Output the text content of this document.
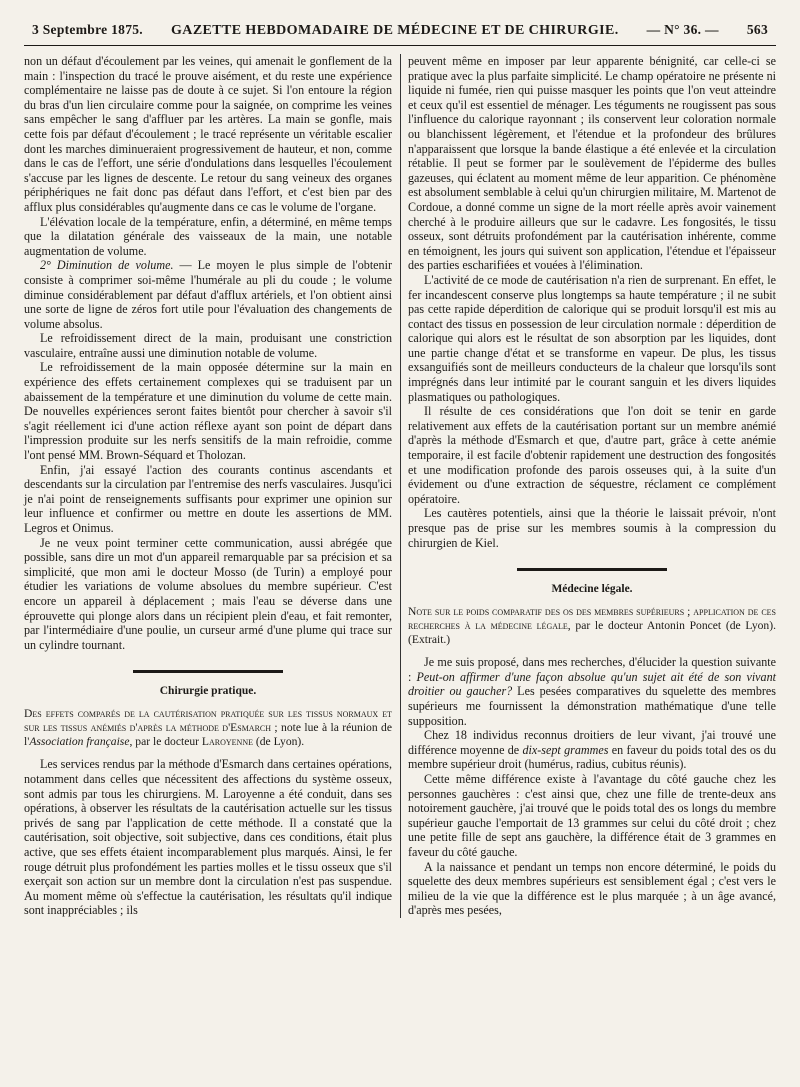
3 Septembre 1875. GAZETTE HEBDOMADAIRE DE MÉDECINE ET DE CHIRURGIE. — N° 36. — 563

non un défaut d'écoulement par les veines, qui amenait le gonflement de la main : l'inspection du tracé le prouve aisément, et du reste une expérience complémentaire ne laisse pas de doute à ce sujet. Si l'on entoure la région du bras d'un lien circulaire comme pour la saignée, on comprime les veines sans empêcher le sang d'affluer par les artères. La main se gonfle, mais cette fois par défaut d'écoulement ; le tracé représente un véritable escalier dont les marches diminueraient progressivement de hauteur, et non, comme dans le cas de l'effort, une série d'ondulations dans lesquelles l'écoulement s'accuse par les lignes de descente. Le retour du sang veineux des organes périphériques ne fait donc pas défaut dans l'effort, et c'est bien par des afflux plus considérables qu'augmente dans ce cas le volume de l'organe.

L'élévation locale de la température, enfin, a déterminé, en même temps que la dilatation générale des vaisseaux de la main, une notable augmentation de volume.

2° Diminution de volume. — Le moyen le plus simple de l'obtenir consiste à comprimer soi-même l'humérale au pli du coude ; le volume diminue considérablement par défaut d'afflux artériels, et l'on obtient ainsi une sorte de ligne de zéros fort utile pour l'évaluation des changements de volume absolus.

Le refroidissement direct de la main, produisant une constriction vasculaire, entraîne aussi une diminution notable de volume.

Le refroidissement de la main opposée détermine sur la main en expérience des effets certainement complexes qui se traduisent par un abaissement de la température et une diminution du volume de cette main. De nouvelles expériences seront faites bientôt pour chercher à savoir s'il s'agit réellement ici d'une action réflexe ayant son point de départ dans l'impression produite sur les nerfs sensitifs de la main refroidie, comme l'ont pensé MM. Brown-Séquard et Tholozan.

Enfin, j'ai essayé l'action des courants continus ascendants et descendants sur la circulation par l'entremise des nerfs vasculaires. Jusqu'ici je n'ai point de renseignements suffisants pour exprimer une opinion sur leur influence et confirmer ou mettre en doute les assertions de MM. Legros et Onimus.

Je ne veux point terminer cette communication, aussi abrégée que possible, sans dire un mot d'un appareil remarquable par sa précision et sa simplicité, que mon ami le docteur Mosso (de Turin) a employé pour étudier les variations de volume absolues du membre supérieur. C'est encore un appareil à déplacement ; mais l'eau se déverse dans une éprouvette qui plonge alors dans un récipient plein d'eau, et fait remonter, par l'intermédiaire d'une poulie, un curseur armé d'une plume qui trace sur un cylindre tournant.

Chirurgie pratique.

Des effets comparés de la cautérisation pratiquée sur les tissus normaux et sur les tissus anémiés d'après la méthode d'Esmarch ; note lue à la réunion de l'Association française, par le docteur Laroyenne (de Lyon).

Les services rendus par la méthode d'Esmarch dans certaines opérations, notamment dans celles que nécessitent des affections du système osseux, sont admis par tous les chirurgiens. M. Laroyenne a été conduit, dans ses opérations, à observer les résultats de la cautérisation actuelle sur les tissus privés de sang par l'application de cette méthode. Il a constaté que la cautérisation, soit objective, soit subjective, dans ces conditions, était plus active, que ses effets étaient incomparablement plus marqués. Ainsi, le fer rouge détruit plus profondément les parties molles et le tissu osseux que s'il exerçait son action sur un membre dont la circulation n'est pas suspendue. Au moment même où s'effectue la cautérisation, les résultats qu'il indique sont inappréciables ; ils

peuvent même en imposer par leur apparente bénignité, car celle-ci se pratique avec la plus parfaite simplicité. Le champ opératoire ne présente ni liquide ni fumée, rien qui puisse masquer les points que l'on veut atteindre et ceux qu'il est essentiel de ménager. Les téguments ne rougissent pas sous l'influence du calorique rayonnant ; ils conservent leur coloration normale ou blanchissent légèrement, et l'étendue et la profondeur des brûlures n'apparaissent que lorsque la bande élastique a été enlevée et la circulation rétablie. Il peut se former par le soulèvement de l'épiderme des bulles gazeuses, qui éclatent au moment même de leur apparition. Ce phénomène est absolument semblable à celui qu'un chirurgien militaire, M. Martenot de Cordoue, a donné comme un signe de la mort réelle après avoir vainement cherché à le produire ailleurs que sur le cadavre. Les fongosités, le tissu osseux, sont détruits profondément par la cautérisation inhérente, comme en témoignent, les jours qui suivent son application, l'étendue et l'épaisseur des parties escharifiées et vouées à l'élimination.

L'activité de ce mode de cautérisation n'a rien de surprenant. En effet, le fer incandescent conserve plus longtemps sa haute température ; il ne subit pas cette rapide déperdition de calorique qui se produit lorsqu'il est mis au contact des tissus en possession de leur circulation normale : déperdition de calorique qui alors est le résultat de son absorption par les liquides, dont une partie change d'état et se transforme en vapeur. De plus, les tissus exsanguifiés sont de meilleurs conducteurs de la chaleur que lorsqu'ils sont imprégnés dans leur intimité par le courant sanguin et les divers liquides plasmatiques ou pathologiques.

Il résulte de ces considérations que l'on doit se tenir en garde relativement aux effets de la cautérisation portant sur un membre anémié d'après la méthode d'Esmarch et que, d'autre part, grâce à cette anémie temporaire, il est facile d'obtenir rapidement une destruction des fongosités et une modification profonde des parois osseuses qui, à la suite d'un évidement ou d'une extraction de séquestre, réclament ce complément opératoire.

Les cautères potentiels, ainsi que la théorie le laissait prévoir, n'ont presque pas de prise sur les membres soumis à la compression du chirurgien de Kiel.

Médecine légale.

Note sur le poids comparatif des os des membres supérieurs ; application de ces recherches à la médecine légale, par le docteur Antonin Poncet (de Lyon). (Extrait.)

Je me suis proposé, dans mes recherches, d'élucider la question suivante : Peut-on affirmer d'une façon absolue qu'un sujet ait été de son vivant droitier ou gaucher? Les pesées comparatives du squelette des membres supérieurs me fournissent la démonstration mathématique d'une telle supposition.

Chez 18 individus reconnus droitiers de leur vivant, j'ai trouvé une différence moyenne de dix-sept grammes en faveur du poids total des os du membre supérieur droit (humérus, radius, cubitus réunis).

Cette même différence existe à l'avantage du côté gauche chez les personnes gauchères : c'est ainsi que, chez une fille de trente-deux ans notoirement gauchère, j'ai trouvé que le poids total des os longs du membre supérieur gauche l'emportait de 13 grammes sur celui du côté droit ; chez une petite fille de sept ans gauchère, la différence était de 3 grammes en faveur du côté gauche.

A la naissance et pendant un temps non encore déterminé, le poids du squelette des deux membres supérieurs est sensiblement égal ; c'est vers le milieu de la vie que la différence est le plus marquée ; à un âge avancé, d'après mes pesées,
